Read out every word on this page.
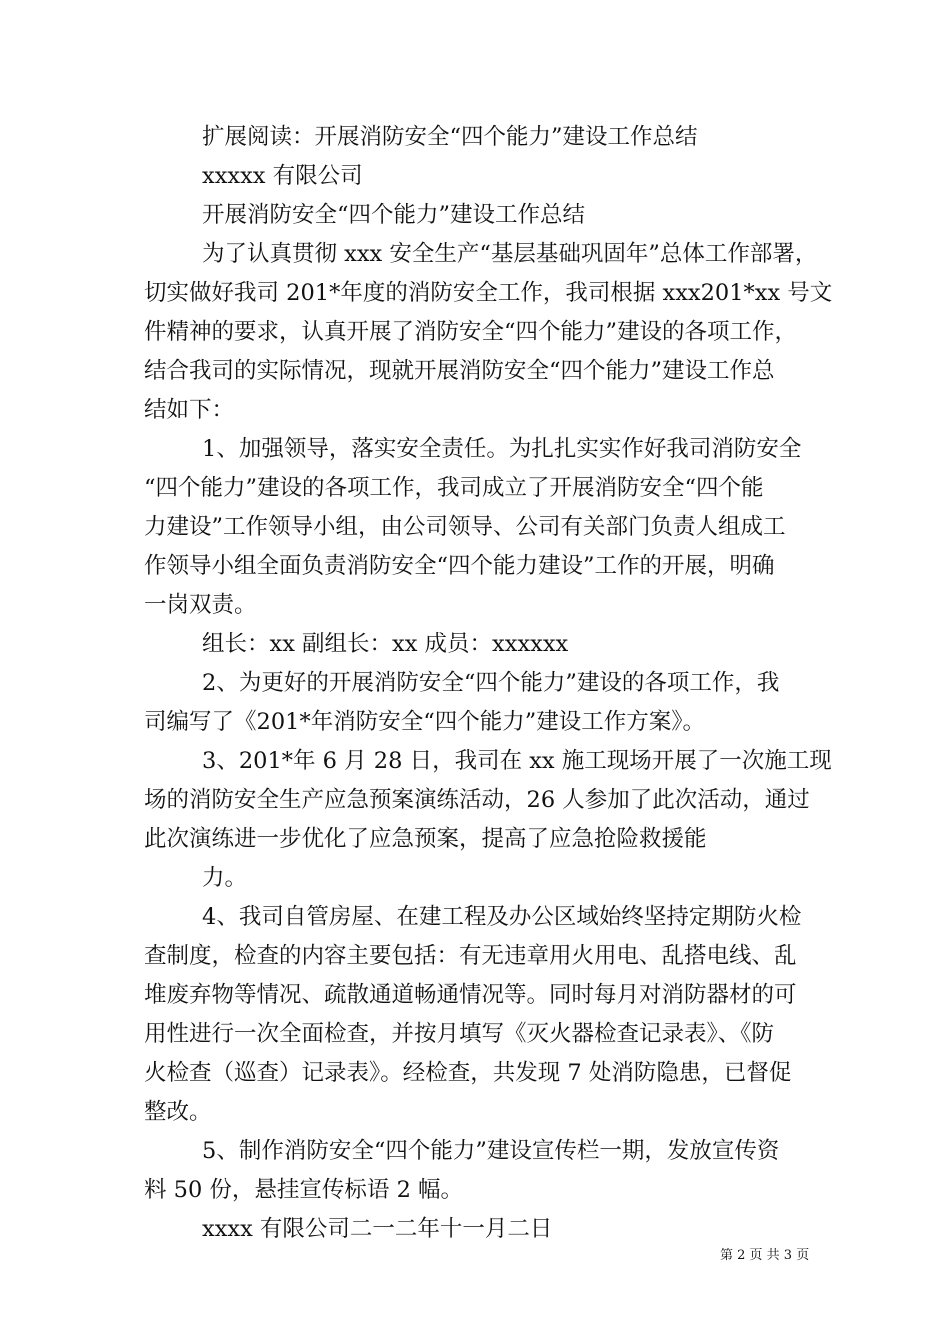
扩展阅读：开展消防安全“四个能力”建设工作总结

xxxxx 有限公司

开展消防安全“四个能力”建设工作总结

为了认真贯彻 xxx 安全生产“基层基础巩固年”总体工作部署，

切实做好我司 201*年度的消防安全工作，我司根据 xxx201*xx 号文

件精神的要求，认真开展了消防安全“四个能力”建设的各项工作，

结合我司的实际情况，现就开展消防安全“四个能力”建设工作总

结如下：

1、加强领导，落实安全责任。为扎扎实实作好我司消防安全

“四个能力”建设的各项工作，我司成立了开展消防安全“四个能

力建设”工作领导小组，由公司领导、公司有关部门负责人组成工

作领导小组全面负责消防安全“四个能力建设”工作的开展，明确

一岗双责。

组长：xx 副组长：xx 成员：xxxxxx

2、为更好的开展消防安全“四个能力”建设的各项工作，我

司编写了《201*年消防安全“四个能力”建设工作方案》。

3、201*年 6 月 28 日，我司在 xx 施工现场开展了一次施工现

场的消防安全生产应急预案演练活动，26 人参加了此次活动，通过

此次演练进一步优化了应急预案，提高了应急抢险救援能

力。

4、我司自管房屋、在建工程及办公区域始终坚持定期防火检

查制度，检查的内容主要包括：有无违章用火用电、乱搭电线、乱

堆废弃物等情况、疏散通道畅通情况等。同时每月对消防器材的可

用性进行一次全面检查，并按月填写《灭火器检查记录表》、《防

火检查（巡查）记录表》。经检查，共发现 7 处消防隐患，已督促

整改。

5、制作消防安全“四个能力”建设宣传栏一期，发放宣传资

料 50 份，悬挂宣传标语 2 幅。

xxxx 有限公司二一二年十一月二日

第 2 页 共 3 页
